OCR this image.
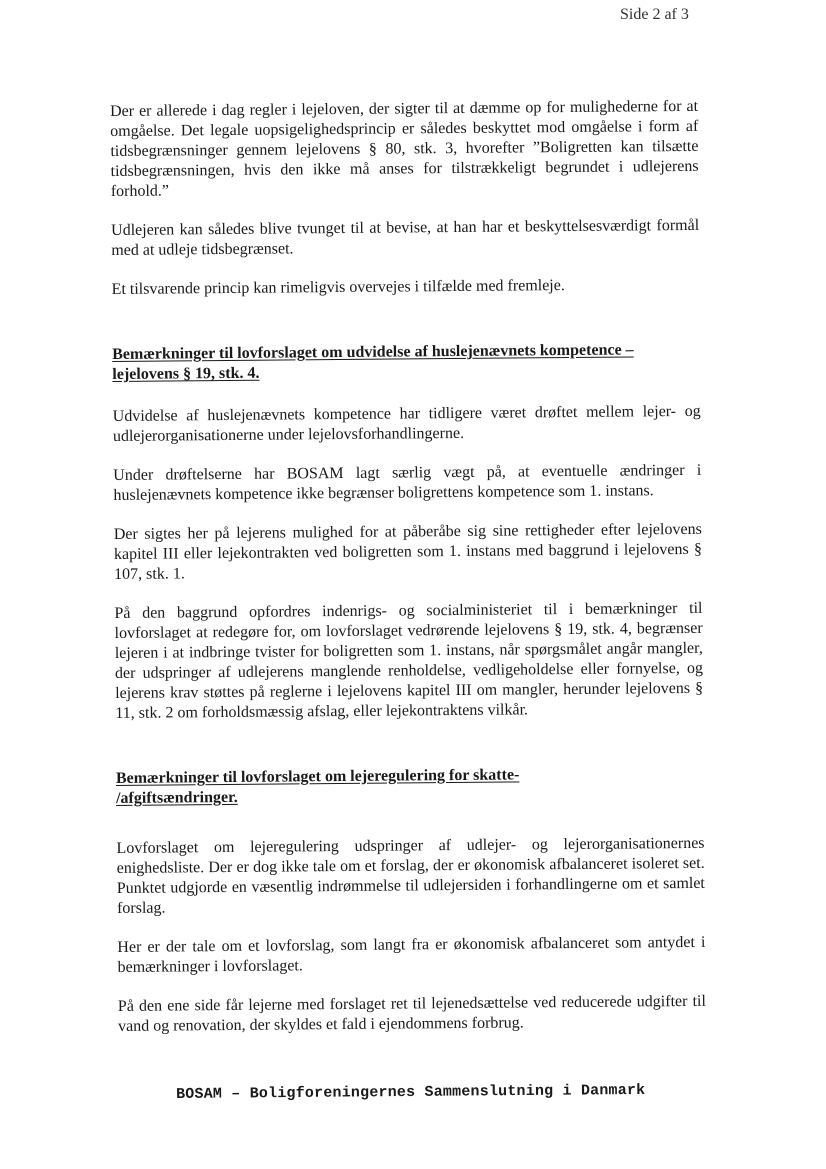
Side 2 af 3

Der er allerede i dag regler i lejeloven, der sigter til at dæmme op for mulighederne for at omgåelse. Det legale uopsigelighedsprincip er således beskyttet mod omgåelse i form af tidsbegrænsninger gennem lejelovens § 80, stk. 3, hvorefter ”Boligretten kan tilsætte tidsbegrænsningen, hvis den ikke må anses for tilstrækkeligt begrundet i udlejerens forhold.”

Udlejeren kan således blive tvunget til at bevise, at han har et beskyttelsesværdigt formål med at udleje tidsbegrænset.

Et tilsvarende princip kan rimeligvis overvejes i tilfælde med fremleje.

Bemærkninger til lovforslaget om udvidelse af huslejenævnets kompetence –
lejelovens § 19, stk. 4.

Udvidelse af huslejenævnets kompetence har tidligere været drøftet mellem lejer- og udlejerorganisationerne under lejelovsforhandlingerne.

Under drøftelserne har BOSAM lagt særlig vægt på, at eventuelle ændringer i huslejenævnets kompetence ikke begrænser boligrettens kompetence som 1. instans.

Der sigtes her på lejerens mulighed for at påberåbe sig sine rettigheder efter lejelovens kapitel III eller lejekontrakten ved boligretten som 1. instans med baggrund i lejelovens § 107, stk. 1.

På den baggrund opfordres indenrigs- og socialministeriet til i bemærkninger til lovforslaget at redegøre for, om lovforslaget vedrørende lejelovens § 19, stk. 4, begrænser lejeren i at indbringe tvister for boligretten som 1. instans, når spørgsmålet angår mangler, der udspringer af udlejerens manglende renholdelse, vedligeholdelse eller fornyelse, og lejerens krav støttes på reglerne i lejelovens kapitel III om mangler, herunder lejelovens § 11, stk. 2 om forholdsmæssig afslag, eller lejekontraktens vilkår.

Bemærkninger til lovforslaget om lejeregulering for skatte-
/afgiftsændringer.

Lovforslaget om lejeregulering udspringer af udlejer- og lejerorganisationernes enighedsliste. Der er dog ikke tale om et forslag, der er økonomisk afbalanceret isoleret set. Punktet udgjorde en væsentlig indrømmelse til udlejersiden i forhandlingerne om et samlet forslag.

Her er der tale om et lovforslag, som langt fra er økonomisk afbalanceret som antydet i bemærkninger i lovforslaget.

På den ene side får lejerne med forslaget ret til lejenedsættelse ved reducerede udgifter til vand og renovation, der skyldes et fald i ejendommens forbrug.

BOSAM – Boligforeningernes Sammenslutning i Danmark
